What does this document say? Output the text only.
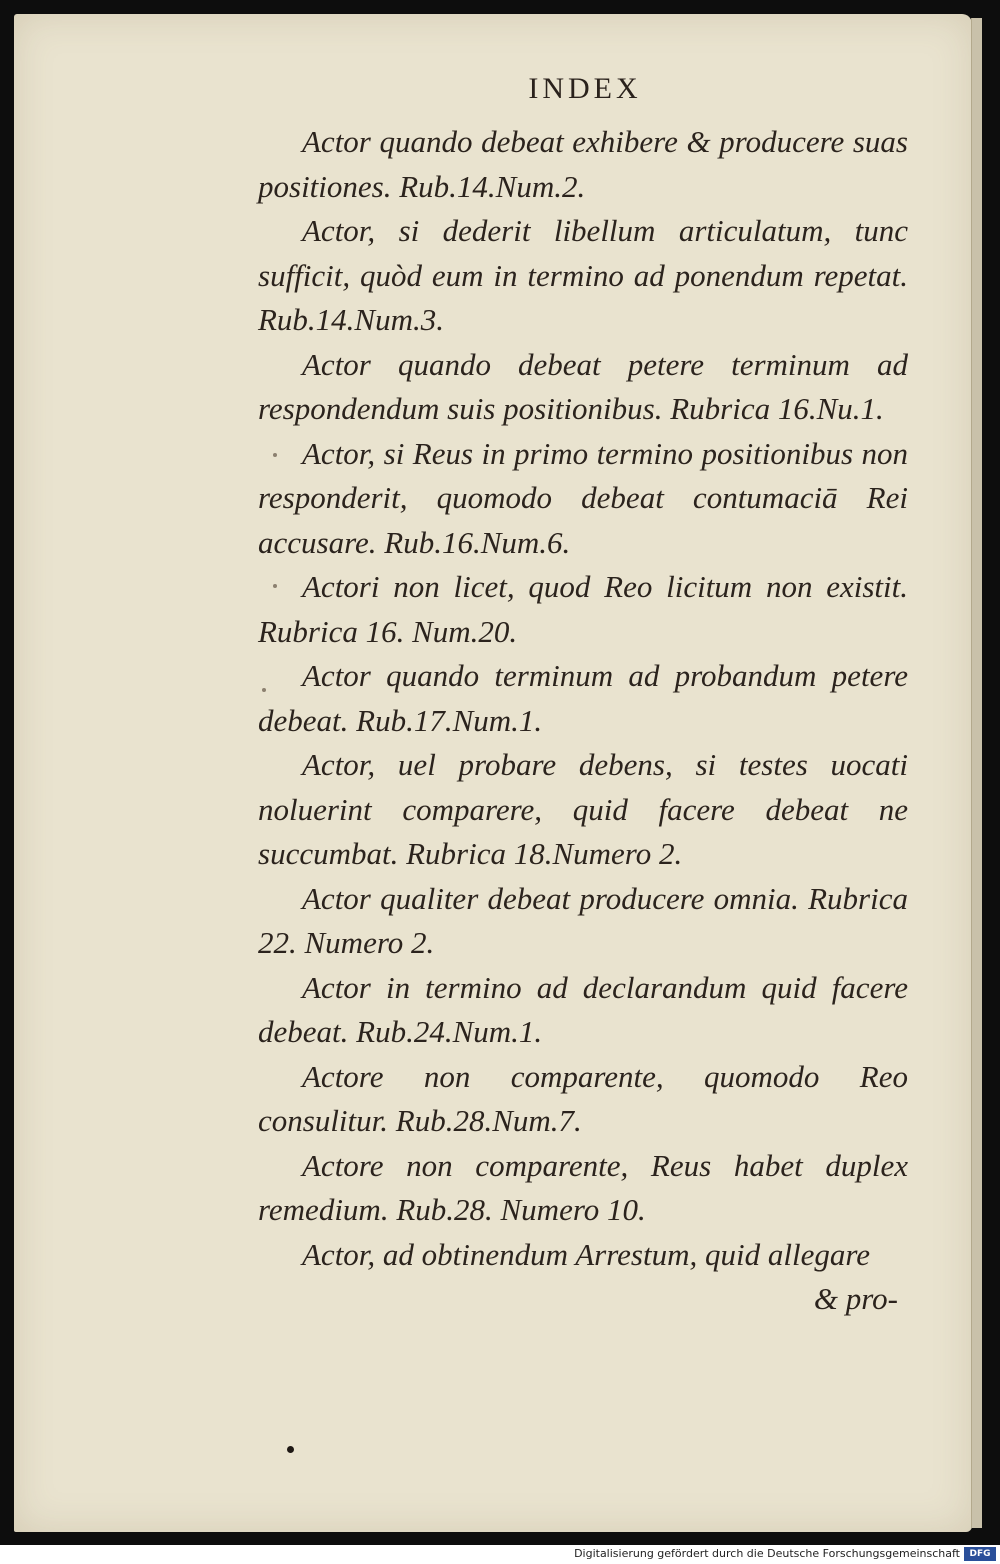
INDEX

Actor quando debeat exhibere & producere suas positiones. Rub.14.Num.2.

Actor, si dederit libellum articulatum, tunc sufficit, quòd eum in termino ad ponendum repetat. Rub.14.Num.3.

Actor quando debeat petere terminum ad respondendum suis positionibus. Rubrica 16.Nu.1.

Actor, si Reus in primo termino positionibus non responderit, quomodo debeat contumaciā Rei accusare. Rub.16.Num.6.

Actori non licet, quod Reo licitum non existit. Rubrica 16. Num.20.

Actor quando terminum ad probandum petere debeat. Rub.17.Num.1.

Actor, uel probare debens, si testes uocati noluerint comparere, quid facere debeat ne succumbat. Rubrica 18.Numero 2.

Actor qualiter debeat producere omnia. Rubrica 22. Numero 2.

Actor in termino ad declarandum quid facere debeat. Rub.24.Num.1.

Actore non comparente, quomodo Reo consulitur. Rub.28.Num.7.

Actore non comparente, Reus habet duplex remedium. Rub.28. Numero 10.

Actor, ad obtinendum Arrestum, quid allegare

& pro-

Digitalisierung gefördert durch die Deutsche Forschungsgemeinschaft	DFG
